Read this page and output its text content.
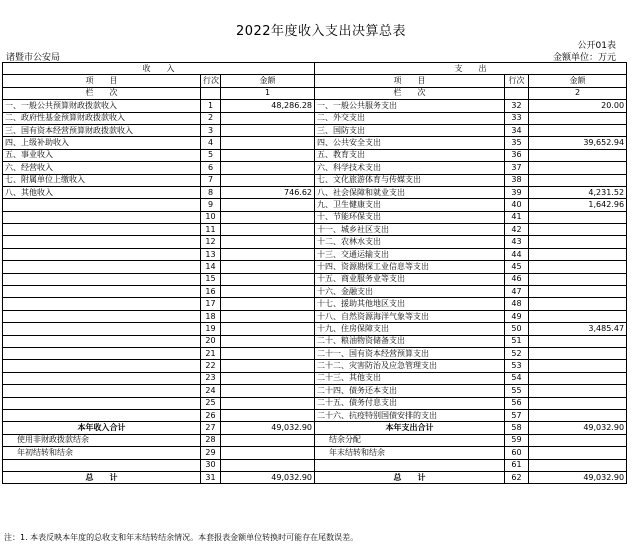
2022年度收入支出决算总表
公开01表
诸暨市公安局	金额单位：万元
收　　入			支　　出		
项　　目	行次	金额	项　　目	行次	金额
栏　　次		1	栏　　次		2
一、一般公共预算财政拨款收入	1	48,286.28	一、一般公共服务支出	32	20.00
二、政府性基金预算财政拨款收入	2		二、外交支出	33	
三、国有资本经营预算财政拨款收入	3		三、国防支出	34	
四、上级补助收入	4		四、公共安全支出	35	39,652.94
五、事业收入	5		五、教育支出	36	
六、经营收入	6		六、科学技术支出	37	
七、附属单位上缴收入	7		七、文化旅游体育与传媒支出	38	
八、其他收入	8	746.62	八、社会保障和就业支出	39	4,231.52
	9		九、卫生健康支出	40	1,642.96
	10		十、节能环保支出	41	
	11		十一、城乡社区支出	42	
	12		十二、农林水支出	43	
	13		十三、交通运输支出	44	
	14		十四、资源勘探工业信息等支出	45	
	15		十五、商业服务业等支出	46	
	16		十六、金融支出	47	
	17		十七、援助其他地区支出	48	
	18		十八、自然资源海洋气象等支出	49	
	19		十九、住房保障支出	50	3,485.47
	20		二十、粮油物资储备支出	51	
	21		二十一、国有资本经营预算支出	52	
	22		二十二、灾害防治及应急管理支出	53	
	23		二十三、其他支出	54	
	24		二十四、债务还本支出	55	
	25		二十五、债务付息支出	56	
	26		二十六、抗疫特别国债安排的支出	57	
本年收入合计	27	49,032.90	本年支出合计	58	49,032.90
使用非财政拨款结余	28		结余分配	59	
年初结转和结余	29		年末结转和结余	60	
	30			61	
总　　计	31	49,032.90	总　　计	62	49,032.90
注：1. 本表反映本年度的总收支和年末结转结余情况。本套报表金额单位转换时可能存在尾数误差。
